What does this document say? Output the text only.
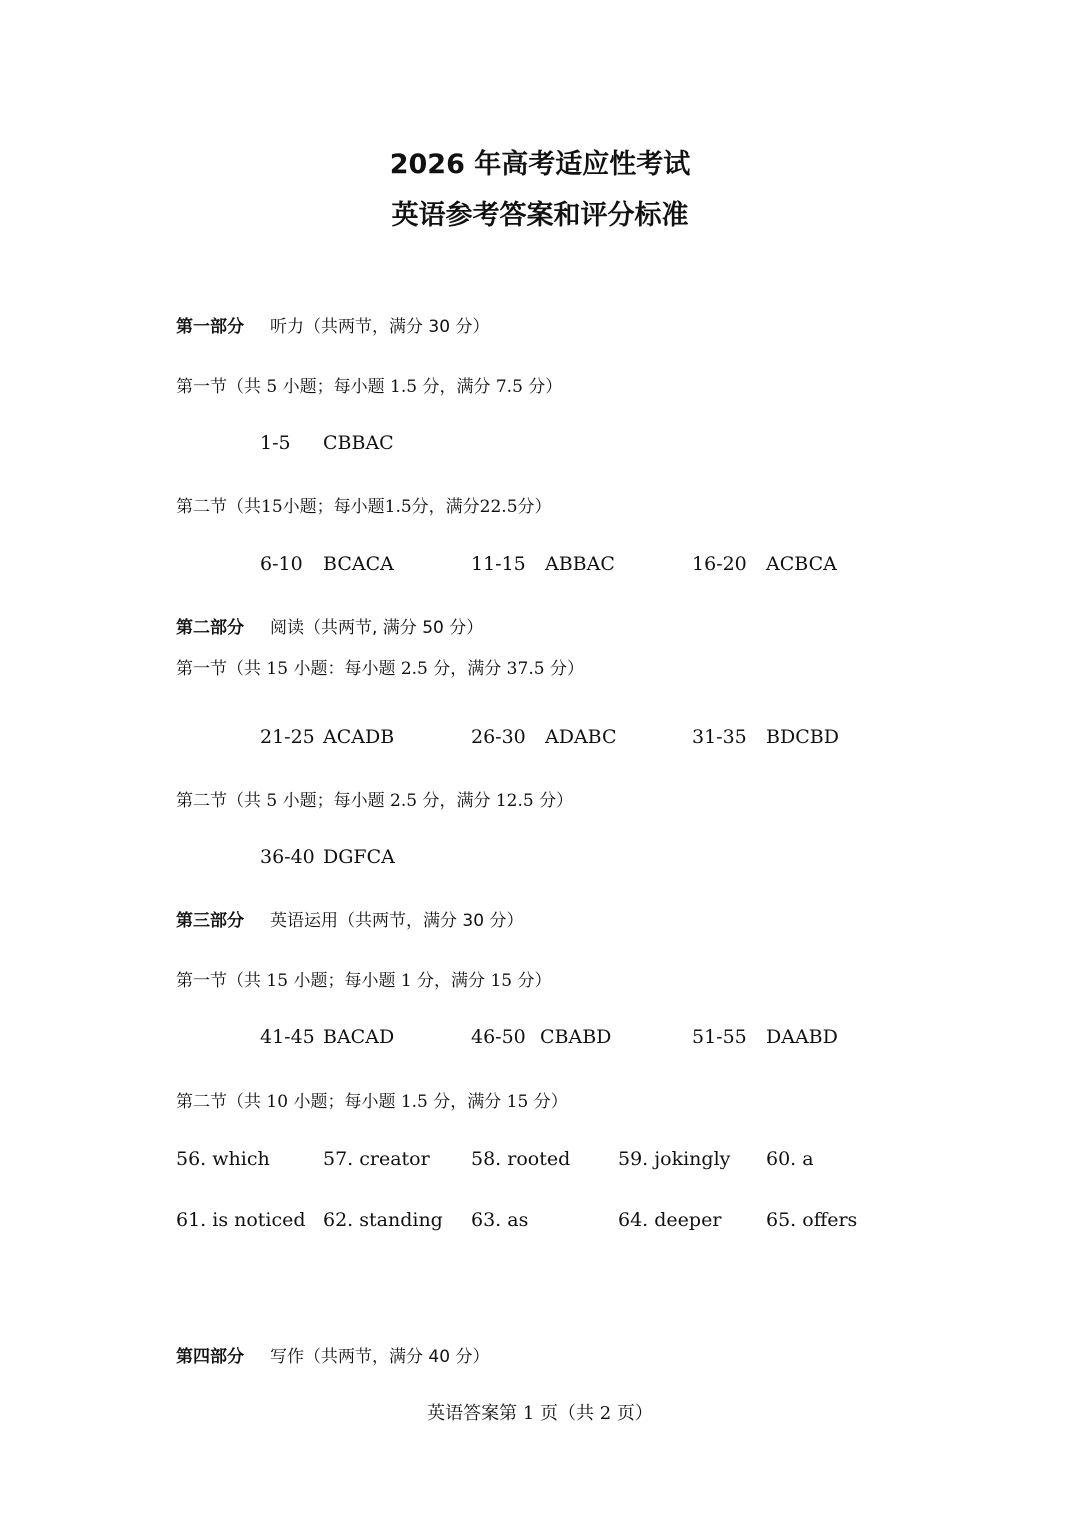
2026 年高考适应性考试
英语参考答案和评分标准
第一部分 听力（共两节，满分 30 分）
第一节（共 5 小题；每小题 1.5 分，满分 7.5 分）
1-5 CBBAC
第二节（共15小题；每小题1.5分，满分22.5分）
6-10 BCACA	11-15 ABBAC	16-20 ACBCA
第二部分 阅读（共两节, 满分 50 分）
第一节（共 15 小题：每小题 2.5 分，满分 37.5 分）
21-25 ACADB	26-30 ADABC	31-35 BDCBD
第二节（共 5 小题；每小题 2.5 分，满分 12.5 分）
36-40 DGFCA
第三部分 英语运用（共两节，满分 30 分）
第一节（共 15 小题；每小题 1 分，满分 15 分）
41-45 BACAD	46-50 CBABD	51-55 DAABD
第二节（共 10 小题；每小题 1.5 分，满分 15 分）
56. which	57. creator 58. rooted	59. jokingly 60. a
61. is noticed 62. standing 63. as	64. deeper 65. offers
第四部分 写作（共两节，满分 40 分）
英语答案第 1 页（共 2 页）
